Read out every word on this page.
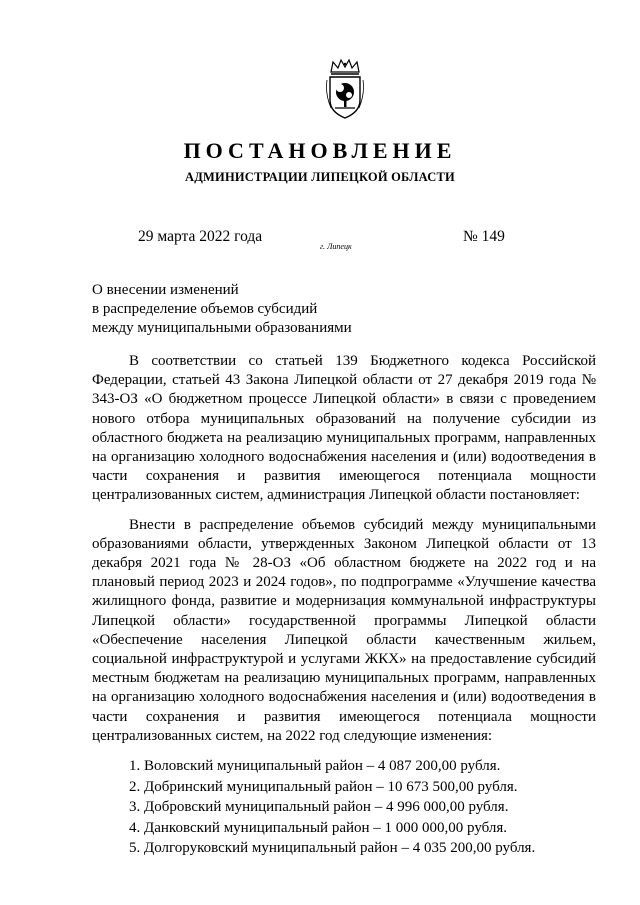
ПОСТАНОВЛЕНИЕ
АДМИНИСТРАЦИИ ЛИПЕЦКОЙ ОБЛАСТИ
29 марта 2022 года
г. Липецк
№ 149
О внесении изменений
в распределение объемов субсидий
между муниципальными образованиями

В соответствии со статьей 139 Бюджетного кодекса Российской Федерации, статьей 43 Закона Липецкой области от 27 декабря 2019 года № 343-ОЗ «О бюджетном процессе Липецкой области» в связи с проведением нового отбора муниципальных образований на получение субсидии из областного бюджета на реализацию муниципальных программ, направленных на организацию холодного водоснабжения населения и (или) водоотведения в части сохранения и развития имеющегося потенциала мощности централизованных систем, администрация Липецкой области постановляет:

Внести в распределение объемов субсидий между муниципальными образованиями области, утвержденных Законом Липецкой области от 13 декабря 2021 года № 28-ОЗ «Об областном бюджете на 2022 год и на плановый период 2023 и 2024 годов», по подпрограмме «Улучшение качества жилищного фонда, развитие и модернизация коммунальной инфраструктуры Липецкой области» государственной программы Липецкой области «Обеспечение населения Липецкой области качественным жильем, социальной инфраструктурой и услугами ЖКХ» на предоставление субсидий местным бюджетам на реализацию муниципальных программ, направленных на организацию холодного водоснабжения населения и (или) водоотведения в части сохранения и развития имеющегося потенциала мощности централизованных систем, на 2022 год следующие изменения:

1. Воловский муниципальный район – 4 087 200,00 рубля.
2. Добринский муниципальный район – 10 673 500,00 рубля.
3. Добровский муниципальный район – 4 996 000,00 рубля.
4. Данковский муниципальный район – 1 000 000,00 рубля.
5. Долгоруковский муниципальный район – 4 035 200,00 рубля.
